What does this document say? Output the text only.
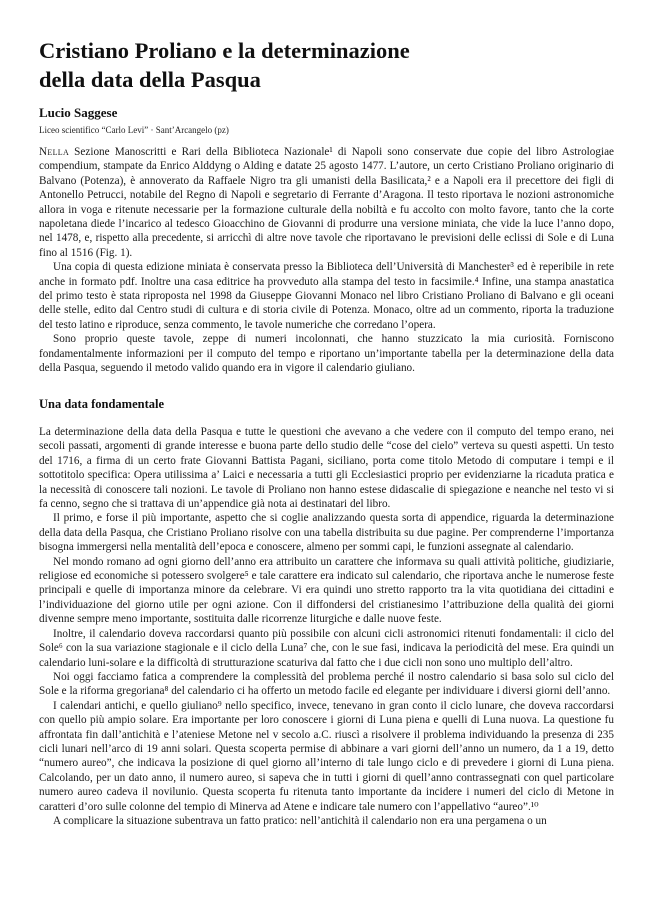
Cristiano Proliano e la determinazione
della data della Pasqua

Lucio Saggese

Liceo scientifico “Carlo Levi” · Sant’Arcangelo (pz)

Nella Sezione Manoscritti e Rari della Biblioteca Nazionale¹ di Napoli sono conservate due copie del libro Astrologiae compendium, stampate da Enrico Alddyng o Alding e datate 25 agosto 1477. L’autore, un certo Cristiano Proliano originario di Balvano (Potenza), è annoverato da Raffaele Nigro tra gli umanisti della Basilicata,² e a Napoli era il precettore dei figli di Antonello Petrucci, notabile del Regno di Napoli e segretario di Ferrante d’Aragona. Il testo riportava le nozioni astronomiche allora in voga e ritenute necessarie per la formazione culturale della nobiltà e fu accolto con molto favore, tanto che la corte napoletana diede l’incarico al tedesco Gioacchino de Giovanni di produrre una versione miniata, che vide la luce l’anno dopo, nel 1478, e, rispetto alla precedente, si arricchì di altre nove tavole che riportavano le previsioni delle eclissi di Sole e di Luna fino al 1516 (Fig. 1).

Una copia di questa edizione miniata è conservata presso la Biblioteca dell’Università di Manchester³ ed è reperibile in rete anche in formato pdf. Inoltre una casa editrice ha provveduto alla stampa del testo in facsimile.⁴ Infine, una stampa anastatica del primo testo è stata riproposta nel 1998 da Giuseppe Giovanni Monaco nel libro Cristiano Proliano di Balvano e gli oceani delle stelle, edito dal Centro studi di cultura e di storia civile di Potenza. Monaco, oltre ad un commento, riporta la traduzione del testo latino e riproduce, senza commento, le tavole numeriche che corredano l’opera.

Sono proprio queste tavole, zeppe di numeri incolonnati, che hanno stuzzicato la mia curiosità. Forniscono fondamentalmente informazioni per il computo del tempo e riportano un’importante tabella per la determinazione della data della Pasqua, seguendo il metodo valido quando era in vigore il calendario giuliano.

Una data fondamentale

La determinazione della data della Pasqua e tutte le questioni che avevano a che vedere con il computo del tempo erano, nei secoli passati, argomenti di grande interesse e buona parte dello studio delle “cose del cielo” verteva su questi aspetti. Un testo del 1716, a firma di un certo frate Giovanni Battista Pagani, siciliano, porta come titolo Metodo di computare i tempi e il sottotitolo specifica: Opera utilissima a’ Laici e necessaria a tutti gli Ecclesiastici proprio per evidenziarne la ricaduta pratica e la necessità di conoscere tali nozioni. Le tavole di Proliano non hanno estese didascalie di spiegazione e neanche nel testo vi si fa cenno, segno che si trattava di un’appendice già nota ai destinatari del libro.

Il primo, e forse il più importante, aspetto che si coglie analizzando questa sorta di appendice, riguarda la determinazione della data della Pasqua, che Cristiano Proliano risolve con una tabella distribuita su due pagine. Per comprenderne l’importanza bisogna immergersi nella mentalità dell’epoca e conoscere, almeno per sommi capi, le funzioni assegnate al calendario.

Nel mondo romano ad ogni giorno dell’anno era attribuito un carattere che informava su quali attività politiche, giudiziarie, religiose ed economiche si potessero svolgere⁵ e tale carattere era indicato sul calendario, che riportava anche le numerose feste principali e quelle di importanza minore da celebrare. Vi era quindi uno stretto rapporto tra la vita quotidiana dei cittadini e l’individuazione del giorno utile per ogni azione. Con il diffondersi del cristianesimo l’attribuzione della qualità dei giorni divenne sempre meno importante, sostituita dalle ricorrenze liturgiche e dalle nuove feste.

Inoltre, il calendario doveva raccordarsi quanto più possibile con alcuni cicli astronomici ritenuti fondamentali: il ciclo del Sole⁶ con la sua variazione stagionale e il ciclo della Luna⁷ che, con le sue fasi, indicava la periodicità del mese. Era quindi un calendario luni-solare e la difficoltà di strutturazione scaturiva dal fatto che i due cicli non sono uno multiplo dell’altro.

Noi oggi facciamo fatica a comprendere la complessità del problema perché il nostro calendario si basa solo sul ciclo del Sole e la riforma gregoriana⁸ del calendario ci ha offerto un metodo facile ed elegante per individuare i diversi giorni dell’anno.

I calendari antichi, e quello giuliano⁹ nello specifico, invece, tenevano in gran conto il ciclo lunare, che doveva raccordarsi con quello più ampio solare. Era importante per loro conoscere i giorni di Luna piena e quelli di Luna nuova. La questione fu affrontata fin dall’antichità e l’ateniese Metone nel v secolo a.C. riuscì a risolvere il problema individuando la presenza di 235 cicli lunari nell’arco di 19 anni solari. Questa scoperta permise di abbinare a vari giorni dell’anno un numero, da 1 a 19, detto “numero aureo”, che indicava la posizione di quel giorno all’interno di tale lungo ciclo e di prevedere i giorni di Luna piena. Calcolando, per un dato anno, il numero aureo, si sapeva che in tutti i giorni di quell’anno contrassegnati con quel particolare numero aureo cadeva il novilunio. Questa scoperta fu ritenuta tanto importante da incidere i numeri del ciclo di Metone in caratteri d’oro sulle colonne del tempio di Minerva ad Atene e indicare tale numero con l’appellativo “aureo”.¹⁰

A complicare la situazione subentrava un fatto pratico: nell’antichità il calendario non era una pergamena o un
